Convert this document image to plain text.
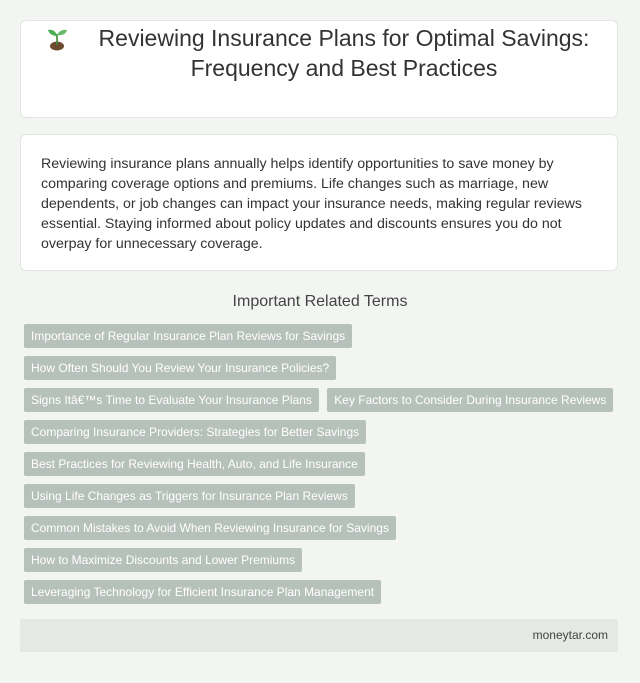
Reviewing Insurance Plans for Optimal Savings: Frequency and Best Practices

Reviewing insurance plans annually helps identify opportunities to save money by comparing coverage options and premiums. Life changes such as marriage, new dependents, or job changes can impact your insurance needs, making regular reviews essential. Staying informed about policy updates and discounts ensures you do not overpay for unnecessary coverage.

Important Related Terms
Importance of Regular Insurance Plan Reviews for Savings
How Often Should You Review Your Insurance Policies?
Signs Itâ€™s Time to Evaluate Your Insurance Plans Key Factors to Consider During Insurance Reviews
Comparing Insurance Providers: Strategies for Better Savings
Best Practices for Reviewing Health, Auto, and Life Insurance
Using Life Changes as Triggers for Insurance Plan Reviews
Common Mistakes to Avoid When Reviewing Insurance for Savings
How to Maximize Discounts and Lower Premiums
Leveraging Technology for Efficient Insurance Plan Management
moneytar.com
